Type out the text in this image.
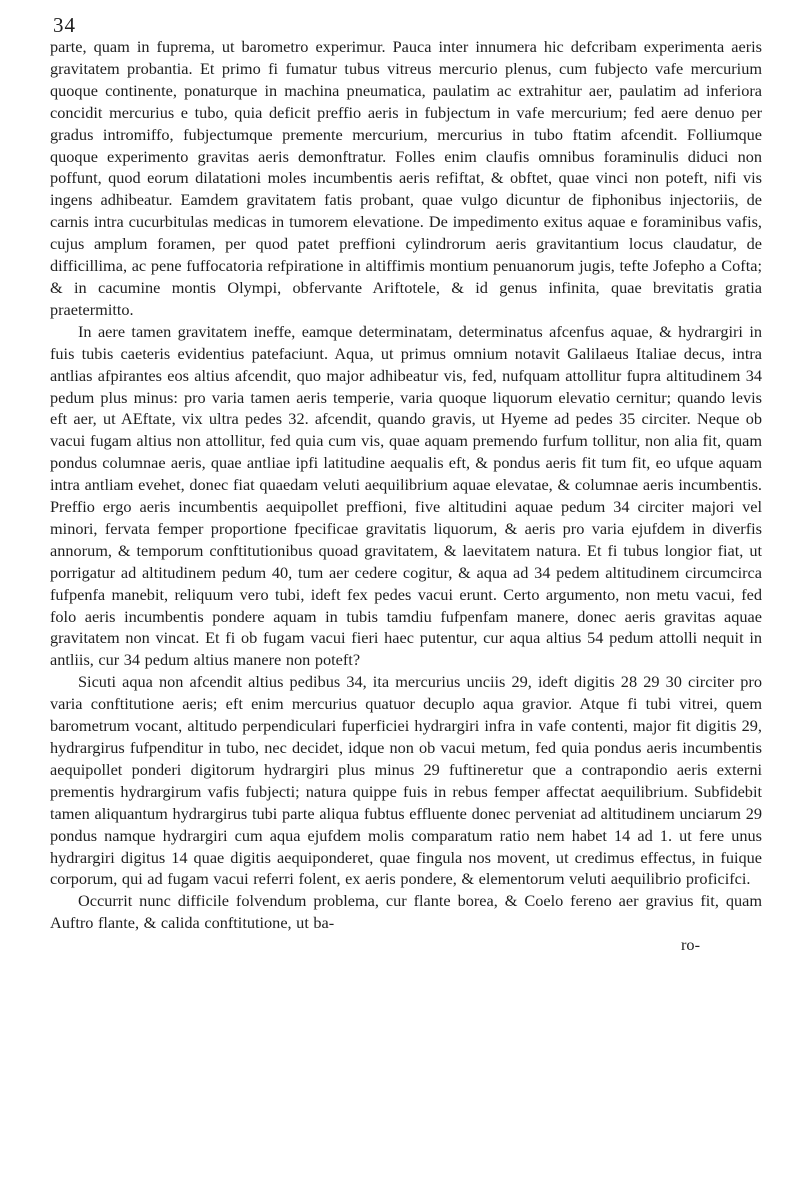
34

parte, quam in fuprema, ut barometro experimur. Pauca inter innumera hic defcribam experimenta aeris gravitatem probantia. Et primo fi fumatur tubus vitreus mercurio plenus, cum fubjecto vafe mercurium quoque continente, ponaturque in machina pneumatica, paulatim ac extrahitur aer, paulatim ad inferiora concidit mercurius e tubo, quia deficit preffio aeris in fubjectum in vafe mercurium; fed aere denuo per gradus intromiffo, fubjectumque premente mercurium, mercurius in tubo ftatim afcendit. Folliumque quoque experimento gravitas aeris demonftratur. Folles enim claufis omnibus foraminulis diduci non poffunt, quod eorum dilatationi moles incumbentis aeris refiftat, & obftet, quae vinci non poteft, nifi vis ingens adhibeatur. Eamdem gravitatem fatis probant, quae vulgo dicuntur de fiphonibus injectoriis, de carnis intra cucurbitulas medicas in tumorem elevatione. De impedimento exitus aquae e foraminibus vafis, cujus amplum foramen, per quod patet preffioni cylindrorum aeris gravitantium locus claudatur, de difficillima, ac pene fuffocatoria refpiratione in altiffimis montium penuanorum jugis, tefte Jofepho a Cofta; & in cacumine montis Olympi, obfervante Ariftotele, & id genus infinita, quae brevitatis gratia praetermitto.

In aere tamen gravitatem ineffe, eamque determinatam, determinatus afcenfus aquae, & hydrargiri in fuis tubis caeteris evidentius patefaciunt. Aqua, ut primus omnium notavit Galilaeus Italiae decus, intra antlias afpirantes eos altius afcendit, quo major adhibeatur vis, fed, nufquam attollitur fupra altitudinem 34 pedum plus minus: pro varia tamen aeris temperie, varia quoque liquorum elevatio cernitur; quando levis eft aer, ut AEftate, vix ultra pedes 32. afcendit, quando gravis, ut Hyeme ad pedes 35 circiter. Neque ob vacui fugam altius non attollitur, fed quia cum vis, quae aquam premendo furfum tollitur, non alia fit, quam pondus columnae aeris, quae antliae ipfi latitudine aequalis eft, & pondus aeris fit tum fit, eo ufque aquam intra antliam evehet, donec fiat quaedam veluti aequilibrium aquae elevatae, & columnae aeris incumbentis. Preffio ergo aeris incumbentis aequipollet preffioni, five altitudini aquae pedum 34 circiter majori vel minori, fervata femper proportione fpecificae gravitatis liquorum, & aeris pro varia ejufdem in diverfis annorum, & temporum conftitutionibus quoad gravitatem, & laevitatem natura. Et fi tubus longior fiat, ut porrigatur ad altitudinem pedum 40, tum aer cedere cogitur, & aqua ad 34 pedem altitudinem circumcirca fufpenfa manebit, reliquum vero tubi, ideft fex pedes vacui erunt. Certo argumento, non metu vacui, fed folo aeris incumbentis pondere aquam in tubis tamdiu fufpenfam manere, donec aeris gravitas aquae gravitatem non vincat. Et fi ob fugam vacui fieri haec putentur, cur aqua altius 54 pedum attolli nequit in antliis, cur 34 pedum altius manere non poteft?

Sicuti aqua non afcendit altius pedibus 34, ita mercurius unciis 29, ideft digitis 28 29 30 circiter pro varia conftitutione aeris; eft enim mercurius quatuor decuplo aqua gravior. Atque fi tubi vitrei, quem barometrum vocant, altitudo perpendiculari fuperficiei hydrargiri infra in vafe contenti, major fit digitis 29, hydrargirus fufpenditur in tubo, nec decidet, idque non ob vacui metum, fed quia pondus aeris incumbentis aequipollet ponderi digitorum hydrargiri plus minus 29 fuftineretur que a contrapondio aeris externi prementis hydrargirum vafis fubjecti; natura quippe fuis in rebus femper affectat aequilibrium. Subfidebit tamen aliquantum hydrargirus tubi parte aliqua fubtus effluente donec perveniat ad altitudinem unciarum 29 pondus namque hydrargiri cum aqua ejufdem molis comparatum ratio nem habet 14 ad 1. ut fere unus hydrargiri digitus 14 quae digitis aequiponderet, quae fingula nos movent, ut credimus effectus, in fuique corporum, qui ad fugam vacui referri folent, ex aeris pondere, & elementorum veluti aequilibrio proficifci.

Occurrit nunc difficile folvendum problema, cur flante borea, & Coelo fereno aer gravius fit, quam Auftro flante, & calida conftitutione, ut ba-

ro-
